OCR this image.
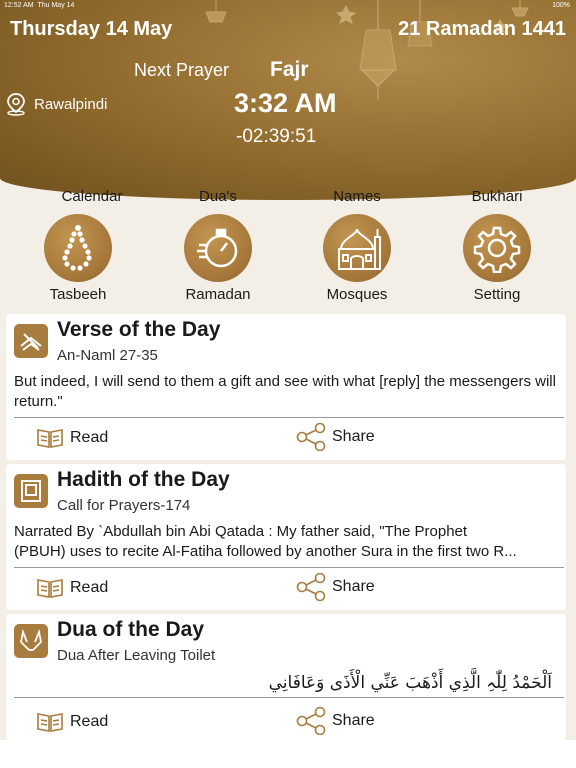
12:52 AM Thu May 14	100%
Thursday 14 May	21 Ramadan 1441
Next Prayer Fajr
Rawalpindi	3:32 AM
-02:39:51
Calendar	Dua's	Names	Bukhari
Tasbeeh	Ramadan	Mosques	Setting
Verse of the Day
An-Naml 27-35
But indeed, I will send to them a gift and see with what [reply] the messengers will return."
Read	Share
Hadith of the Day
Call for Prayers-174
Narrated By `Abdullah bin Abi Qatada : My father said, "The Prophet
(PBUH) uses to recite Al-Fatiha followed by another Sura in the first two R...
Read	Share
Dua of the Day
Dua After Leaving Toilet
اَلْحَمْدُ لِلّٰہِ الَّذِي أَذْهَبَ عَنِّي الْأَذَى وَعَافَانِي
Read	Share
